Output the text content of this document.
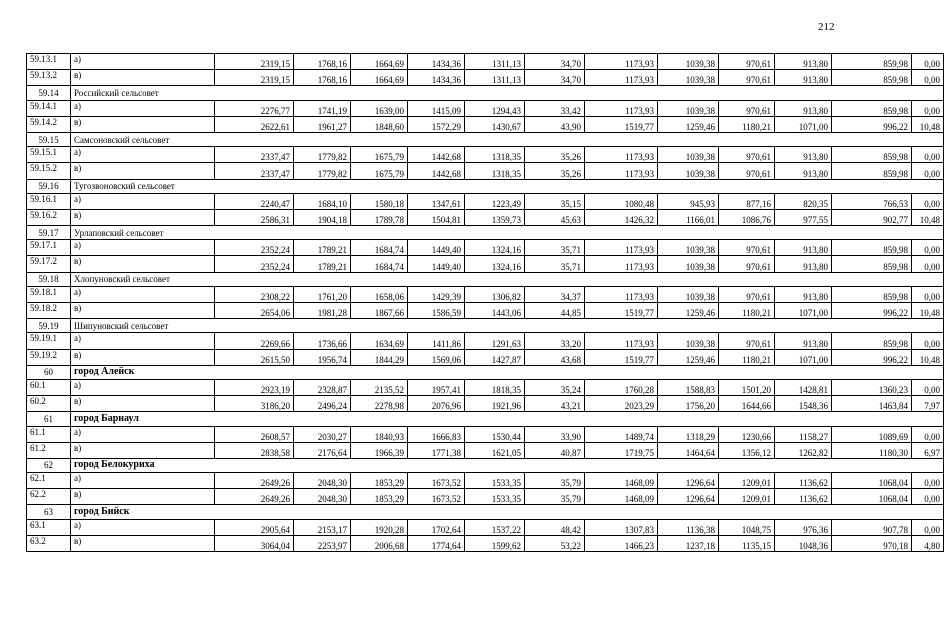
212
59.13.1	а)	2319,15	1768,16	1664,69	1434,36	1311,13	34,70	1173,93	1039,38	970,61	913,80	859,98	0,00
59.13.2	в)	2319,15	1768,16	1664,69	1434,36	1311,13	34,70	1173,93	1039,38	970,61	913,80	859,98	0,00
59.14	Российский сельсовет												
59.14.1	а)	2276,77	1741,19	1639,00	1415,09	1294,43	33,42	1173,93	1039,38	970,61	913,80	859,98	0,00
59.14.2	в)	2622,61	1961,27	1848,60	1572,29	1430,67	43,90	1519,77	1259,46	1180,21	1071,00	996,22	10,48
59.15	Самсоновский сельсовет												
59.15.1	а)	2337,47	1779,82	1675,79	1442,68	1318,35	35,26	1173,93	1039,38	970,61	913,80	859,98	0,00
59.15.2	в)	2337,47	1779,82	1675,79	1442,68	1318,35	35,26	1173,93	1039,38	970,61	913,80	859,98	0,00
59.16	Тугозвоновский сельсовет												
59.16.1	а)	2240,47	1684,10	1580,18	1347,61	1223,49	35,15	1080,48	945,93	877,16	820,35	766,53	0,00
59.16.2	в)	2586,31	1904,18	1789,78	1504,81	1359,73	45,63	1426,32	1166,01	1086,76	977,55	902,77	10,48
59.17	Урлаповский сельсовет												
59.17.1	а)	2352,24	1789,21	1684,74	1449,40	1324,16	35,71	1173,93	1039,38	970,61	913,80	859,98	0,00
59.17.2	в)	2352,24	1789,21	1684,74	1449,40	1324,16	35,71	1173,93	1039,38	970,61	913,80	859,98	0,00
59.18	Хлопуновский сельсовет												
59.18.1	а)	2308,22	1761,20	1658,06	1429,39	1306,82	34,37	1173,93	1039,38	970,61	913,80	859,98	0,00
59.18.2	в)	2654,06	1981,28	1867,66	1586,59	1443,06	44,85	1519,77	1259,46	1180,21	1071,00	996,22	10,48
59.19	Шипуновский сельсовет												
59.19.1	а)	2269,66	1736,66	1634,69	1411,86	1291,63	33,20	1173,93	1039,38	970,61	913,80	859,98	0,00
59.19.2	в)	2615,50	1956,74	1844,29	1569,06	1427,87	43,68	1519,77	1259,46	1180,21	1071,00	996,22	10,48
60	город Алейск												
60.1	а)	2923,19	2328,87	2135,52	1957,41	1818,35	35,24	1760,28	1588,83	1501,20	1428,81	1360,23	0,00
60.2	в)	3186,20	2496,24	2278,98	2076,96	1921,96	43,21	2023,29	1756,20	1644,66	1548,36	1463,84	7,97
61	город Барнаул												
61.1	а)	2608,57	2030,27	1840,93	1666,83	1530,44	33,90	1489,74	1318,29	1230,66	1158,27	1089,69	0,00
61.2	в)	2838,58	2176,64	1966,39	1771,38	1621,05	40,87	1719,75	1464,64	1356,12	1262,82	1180,30	6,97
62	город Белокуриха												
62.1	а)	2649,26	2048,30	1853,29	1673,52	1533,35	35,79	1468,09	1296,64	1209,01	1136,62	1068,04	0,00
62.2	в)	2649,26	2048,30	1853,29	1673,52	1533,35	35,79	1468,09	1296,64	1209,01	1136,62	1068,04	0,00
63	город Бийск												
63.1	а)	2905,64	2153,17	1920,28	1702,64	1537,22	48,42	1307,83	1136,38	1048,75	976,36	907,78	0,00
63.2	в)	3064,04	2253,97	2006,68	1774,64	1599,62	53,22	1466,23	1237,18	1135,15	1048,36	970,18	4,80
